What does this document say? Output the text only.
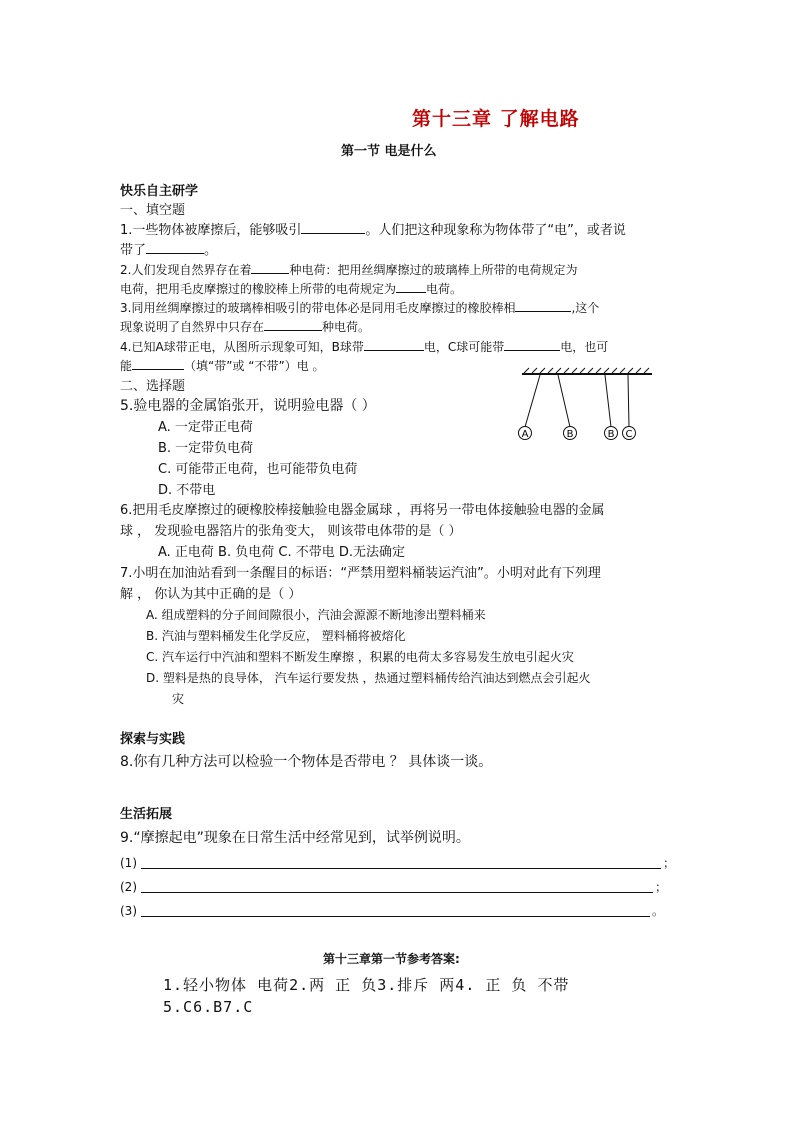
第十三章 了解电路
第一节 电是什么
快乐自主研学
一、填空题
1.一些物体被摩擦后，能够吸引	。人们把这种现象称为物体带了“电”，或者说
带了	。
2.人们发现自然界存在着	种电荷：把用丝绸摩擦过的玻璃棒上所带的电荷规定为
电荷，把用毛皮摩擦过的橡胶棒上所带的电荷规定为	电荷。
3.同用丝绸摩擦过的玻璃棒相吸引的带电体必是同用毛皮摩擦过的橡胶棒相	,这个
现象说明了自然界中只存在	种电荷。
4.已知A球带正电，从图所示现象可知，B球带	电，C球可能带	电，也可
能	（填“带”或 “不带”）电 。
A	B	B C
二、选择题
5.验电器的金属馅张开，说明验电器（ ）
A. 一定带正电荷
B. 一定带负电荷
C. 可能带正电荷，也可能带负电荷
D. 不带电
6.把用毛皮摩擦过的硬橡胶棒接触验电器金属球 ，再将另一带电体接触验电器的金属
球 ， 发现验电器箔片的张角变大， 则该带电体带的是（ ）
A. 正电荷 B. 负电荷 C. 不带电 D.无法确定
7.小明在加油站看到一条醒目的标语：“严禁用塑料桶装运汽油”。小明对此有下列理
解 ， 你认为其中正确的是（ ）
A. 组成塑料的分子间间隙很小，汽油会源源不断地渗出塑料桶来
B. 汽油与塑料桶发生化学反应， 塑料桶将被熔化
C. 汽车运行中汽油和塑料不断发生摩擦 ，积累的电荷太多容易发生放电引起火灾
D. 塑料是热的良导体， 汽车运行要发热 ，热通过塑料桶传给汽油达到燃点会引起火
灾
探索与实践
8.你有几种方法可以检验一个物体是否带电 ？ 具体谈一谈。
生活拓展
9.“摩擦起电”现象在日常生活中经常见到，试举例说明。
(1)	；
(2)	；
(3)	。
第十三章第一节参考答案:
1.轻小物体 电荷2.两 正 负3.排斥 两4. 正 负 不带
5.C6.B7.C
